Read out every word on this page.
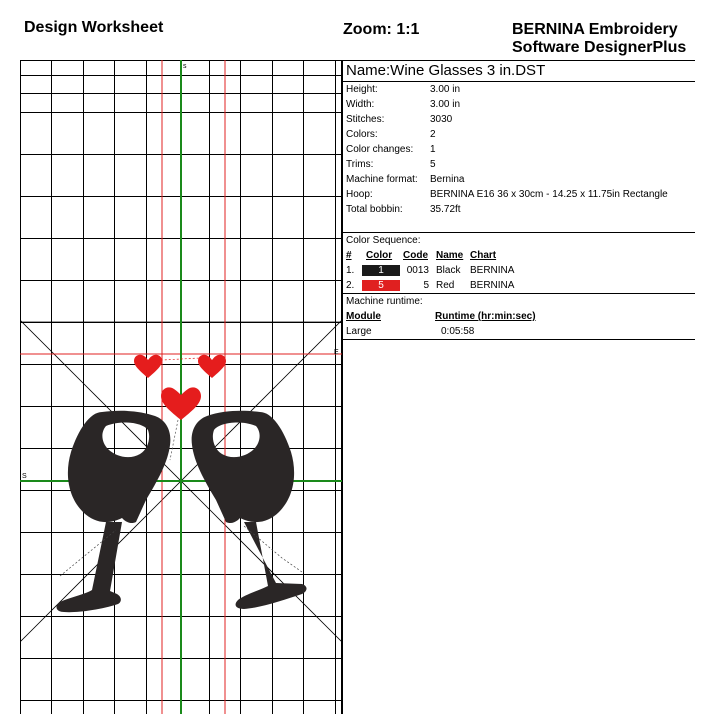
Design Worksheet	Zoom: 1:1	BERNINA Embroidery
Software DesignerPlus
s
E
S
Name:Wine Glasses 3 in.DST
Height:	3.00 in
Width:	3.00 in
Stitches:	3030
Colors:	2
Color changes: 1
Trims:	5
Machine format: Bernina
Hoop:	BERNINA E16 36 x 30cm - 14.25 x 11.75in Rectangle
Total bobbin:	35.72ft
Color Sequence:
# Color Code Name Chart
1.	1	0013 Black BERNINA
2.	5	5 Red BERNINA
Machine runtime:
Module	Runtime (hr:min:sec)
Large	0:05:58
